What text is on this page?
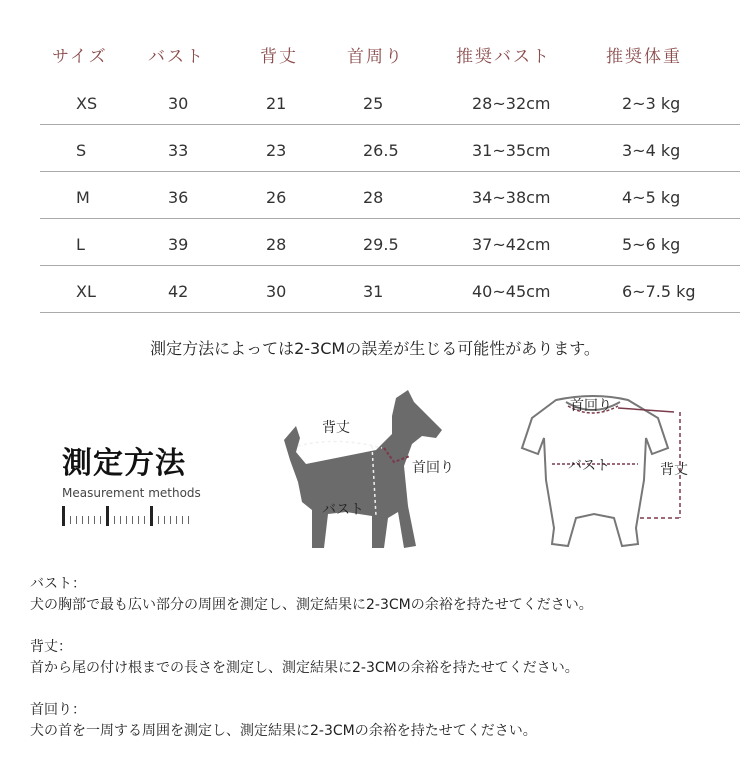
サイズ バスト	背丈	首周り	推奨バスト	推奨体重
XS	30	21	25	28~32cm	2~3 kg
S	33	23	26.5	31~35cm	3~4 kg
M	36	26	28	34~38cm	4~5 kg
L	39	28	29.5	37~42cm	5~6 kg
XL	42	30	31	40~45cm	6~7.5 kg
測定方法によっては2-3CMの誤差が生じる可能性があります。
測定方法
Measurement methods
背丈
首回り
バスト
首回り
バスト	背丈
バスト：
犬の胸部で最も広い部分の周囲を測定し、測定結果に2-3CMの余裕を持たせてください。
背丈：
首から尾の付け根までの長さを測定し、測定結果に2-3CMの余裕を持たせてください。
首回り：
犬の首を一周する周囲を測定し、測定結果に2-3CMの余裕を持たせてください。
